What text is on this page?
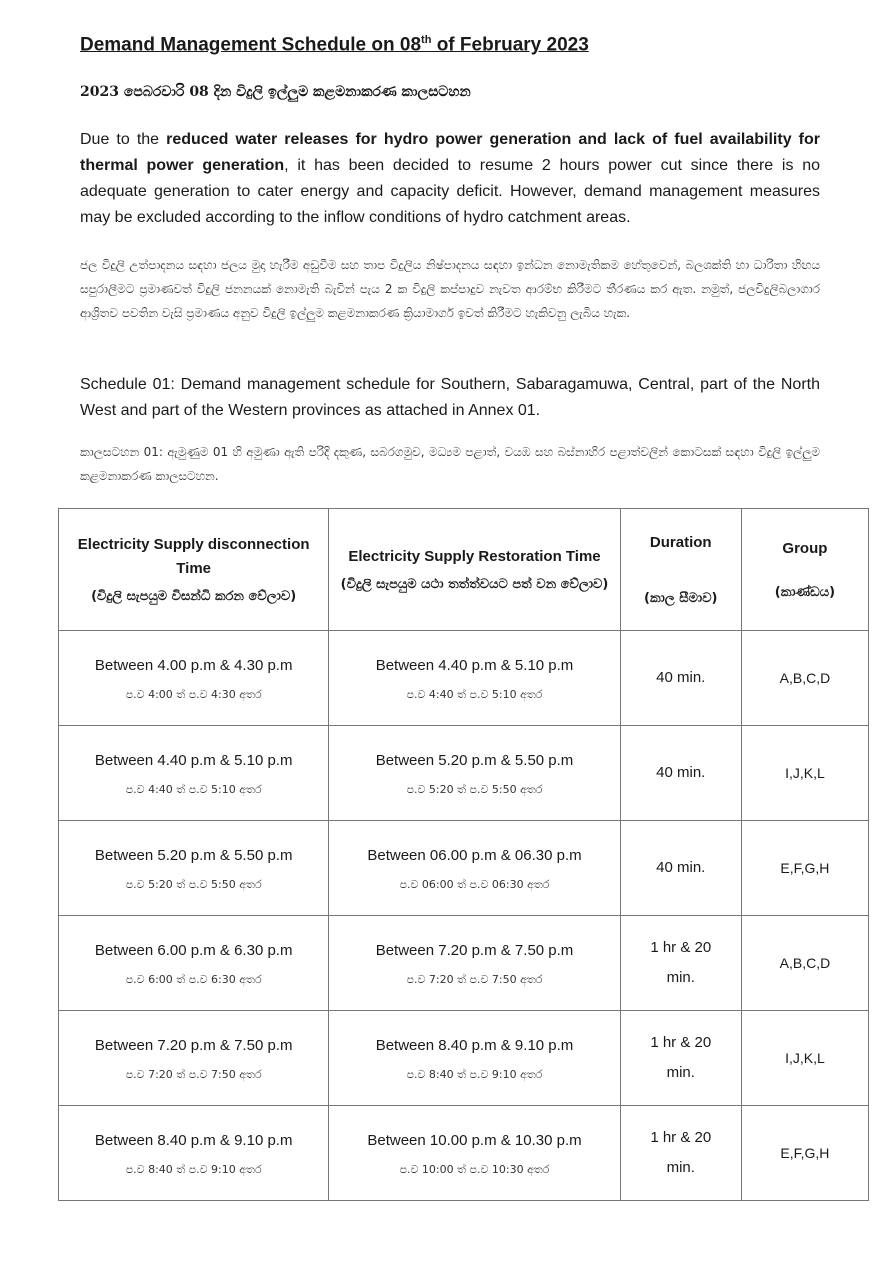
Demand Management Schedule on 08th of February 2023
2023 පෙබරවාරි 08 දින විදුලි ඉල්ලුම කළමනාකරණ කාලසටහන
Due to the reduced water releases for hydro power generation and lack of fuel availability for thermal power generation, it has been decided to resume 2 hours power cut since there is no adequate generation to cater energy and capacity deficit. However, demand management measures may be excluded according to the inflow conditions of hydro catchment areas.
ජල විදුලි උත්පාදනය සඳහා ජලය මුදා හැරීම අඩුවීම සහ තාප විදුලිය නිෂ්පාදනය සඳහා ඉන්ධන නොමැතිකම හේතුවෙන්, බලශක්ති හා ධාරිතා හිඟය සපුරාලීමට ප්‍රමාණවත් විදුලි ජනනයක් නොමැති බැවින් පැය 2 ක විදුලි කප්පාදුව නැවත ආරම්භ කිරීමට තීරණය කර ඇත. නමුත්, ජලවිදුලිබලාගාර ආශ්‍රිතව පවතින වැසි ප්‍රමාණය අනුව විදුලි ඉල්ලුම කළමනාකරණ ක්‍රියාමාර්ග ඉවත් කිරීමට හැකිවනු ලැබිය හැක.
Schedule 01: Demand management schedule for Southern, Sabaragamuwa, Central, part of the North West and part of the Western provinces as attached in Annex 01.
කාලසටහන 01: ඇමුණුම 01 හි අමුණා ඇති පරිදි දකුණ, සබරගමුව, මධ්‍යම පළාත්, වයඹ සහ බස්නාහිර පළාත්වලින් කොටසක් සඳහා විදුලි ඉල්ලුම කළමනාකරණ කාලසටහන.
Electricity Supply disconnection Time
(විදුලි සැපයුම විසන්ධි කරන වේලාව)	Electricity Supply Restoration Time
(විදුලි සැපයුම යථා තත්ත්වයට පත් වන වේලාව)	Duration
(කාල සීමාව)	Group
(කාණ්ඩය)

Between 4.00 p.m & 4.30 p.m
ප.ව 4:00 ත් ප.ව 4:30 අතර	Between 4.40 p.m & 5.10 p.m
ප.ව 4:40 ත් ප.ව 5:10 අතර	40 min.	A,B,C,D

Between 4.40 p.m & 5.10 p.m
ප.ව 4:40 ත් ප.ව 5:10 අතර	Between 5.20 p.m & 5.50 p.m
ප.ව 5:20 ත් ප.ව 5:50 අතර	40 min.	I,J,K,L

Between 5.20 p.m & 5.50 p.m
ප.ව 5:20 ත් ප.ව 5:50 අතර	Between 06.00 p.m & 06.30 p.m
ප.ව 06:00 ත් ප.ව 06:30 අතර	40 min.	E,F,G,H

Between 6.00 p.m & 6.30 p.m
ප.ව 6:00 ත් ප.ව 6:30 අතර	Between 7.20 p.m & 7.50 p.m
ප.ව 7:20 ත් ප.ව 7:50 අතර	1 hr & 20 min.	A,B,C,D

Between 7.20 p.m & 7.50 p.m
ප.ව 7:20 ත් ප.ව 7:50 අතර	Between 8.40 p.m & 9.10 p.m
ප.ව 8:40 ත් ප.ව 9:10 අතර	1 hr & 20 min.	I,J,K,L

Between 8.40 p.m & 9.10 p.m
ප.ව 8:40 ත් ප.ව 9:10 අතර	Between 10.00 p.m & 10.30 p.m
ප.ව 10:00 ත් ප.ව 10:30 අතර	1 hr & 20 min.	E,F,G,H
